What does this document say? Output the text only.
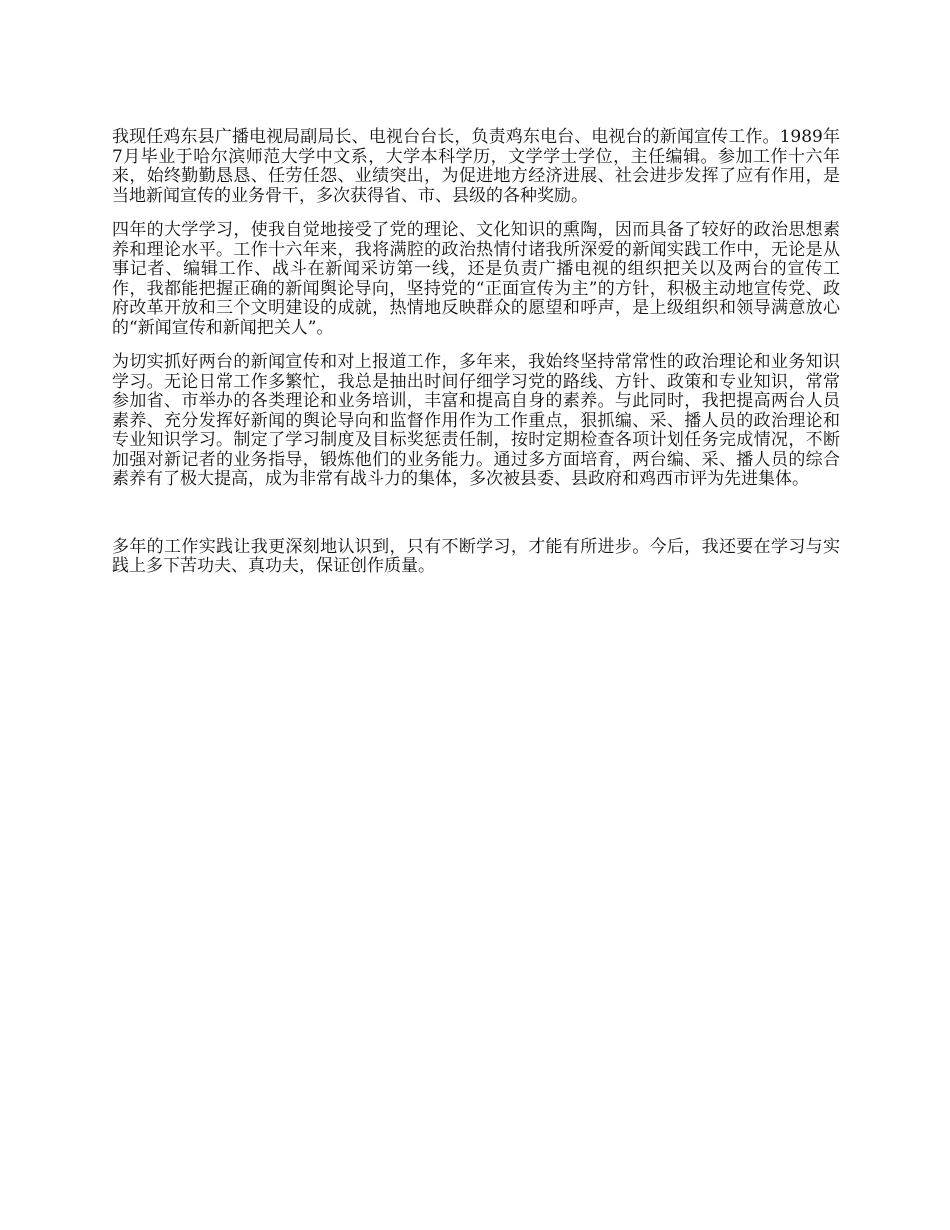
我现任鸡东县广播电视局副局长、电视台台长，负责鸡东电台、电视台的新闻宣传工作。1989年7月毕业于哈尔滨师范大学中文系，大学本科学历，文学学士学位，主任编辑。参加工作十六年来，始终勤勤恳恳、任劳任怨、业绩突出，为促进地方经济进展、社会进步发挥了应有作用，是当地新闻宣传的业务骨干，多次获得省、市、县级的各种奖励。

四年的大学学习，使我自觉地接受了党的理论、文化知识的熏陶，因而具备了较好的政治思想素养和理论水平。工作十六年来，我将满腔的政治热情付诸我所深爱的新闻实践工作中，无论是从事记者、编辑工作、战斗在新闻采访第一线，还是负责广播电视的组织把关以及两台的宣传工作，我都能把握正确的新闻舆论导向，坚持党的“正面宣传为主”的方针，积极主动地宣传党、政府改革开放和三个文明建设的成就，热情地反映群众的愿望和呼声，是上级组织和领导满意放心的“新闻宣传和新闻把关人”。

为切实抓好两台的新闻宣传和对上报道工作，多年来，我始终坚持常常性的政治理论和业务知识学习。无论日常工作多繁忙，我总是抽出时间仔细学习党的路线、方针、政策和专业知识，常常参加省、市举办的各类理论和业务培训，丰富和提高自身的素养。与此同时，我把提高两台人员素养、充分发挥好新闻的舆论导向和监督作用作为工作重点，狠抓编、采、播人员的政治理论和专业知识学习。制定了学习制度及目标奖惩责任制，按时定期检查各项计划任务完成情况，不断加强对新记者的业务指导，锻炼他们的业务能力。通过多方面培育，两台编、采、播人员的综合素养有了极大提高，成为非常有战斗力的集体，多次被县委、县政府和鸡西市评为先进集体。

多年的工作实践让我更深刻地认识到，只有不断学习，才能有所进步。今后，我还要在学习与实践上多下苦功夫、真功夫，保证创作质量。
